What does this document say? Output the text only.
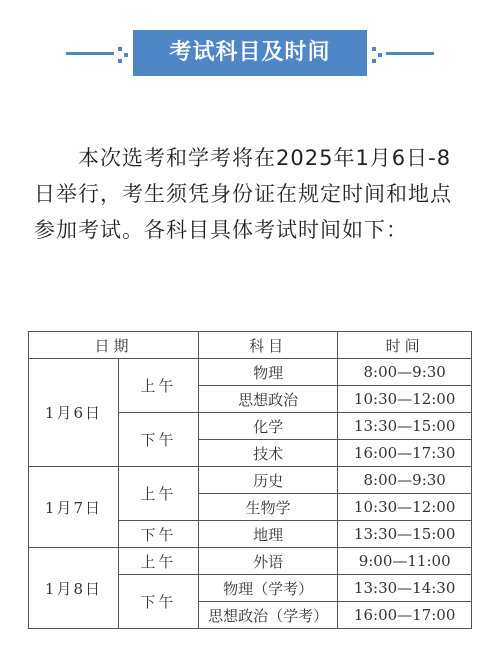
考试科目及时间
本次选考和学考将在2025年1月6日-8日举行，考生须凭身份证在规定时间和地点参加考试。各科目具体考试时间如下：
日期		科目	时间
1月6日	上午	物理	8:00—9:30
		思想政治	10:30—12:00
	下午	化学	13:30—15:00
		技术	16:00—17:30
1月7日	上午	历史	8:00—9:30
		生物学	10:30—12:00
	下午	地理	13:30—15:00
1月8日	上午	外语	9:00—11:00
	下午	物理（学考）	13:30—14:30
		思想政治（学考）	16:00—17:00
